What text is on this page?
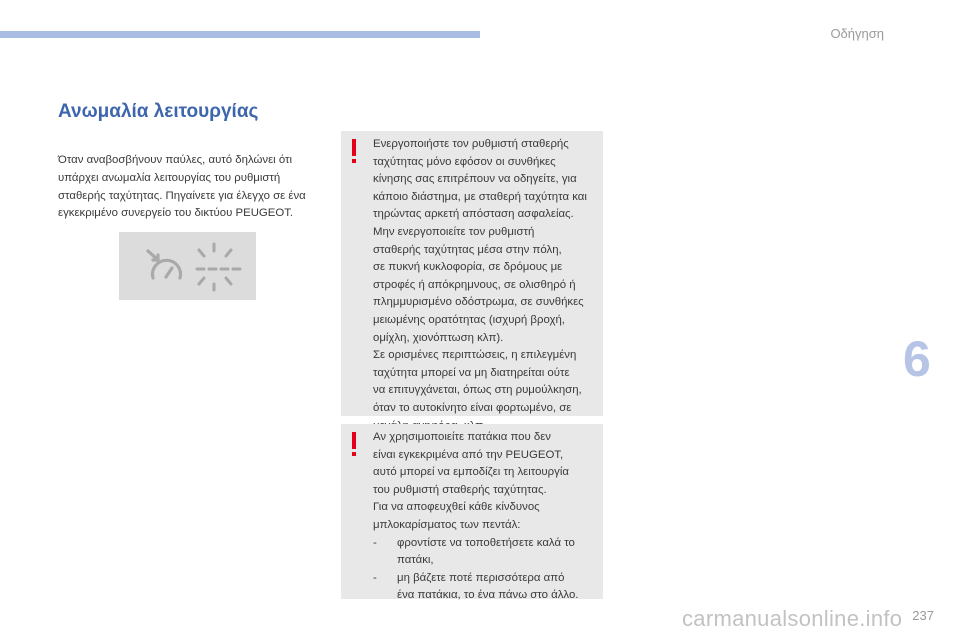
Οδήγηση
6
237
Ανωμαλία λειτουργίας

Όταν αναβοσβήνουν παύλες, αυτό δηλώνει ότι
υπάρχει ανωμαλία λειτουργίας του ρυθμιστή
σταθερής ταχύτητας. Πηγαίνετε για έλεγχο σε ένα
εγκεκριμένο συνεργείο του δικτύου PEUGEOT.

Ενεργοποιήστε τον ρυθμιστή σταθερής
ταχύτητας μόνο εφόσον οι συνθήκες
κίνησης σας επιτρέπουν να οδηγείτε, για
κάποιο διάστημα, με σταθερή ταχύτητα και
τηρώντας αρκετή απόσταση ασφαλείας.
Μην ενεργοποιείτε τον ρυθμιστή
σταθερής ταχύτητας μέσα στην πόλη,
σε πυκνή κυκλοφορία, σε δρόμους με
στροφές ή απόκρημνους, σε ολισθηρό ή
πλημμυρισμένο οδόστρωμα, σε συνθήκες
μειωμένης ορατότητας (ισχυρή βροχή,
ομίχλη, χιονόπτωση κλπ).
Σε ορισμένες περιπτώσεις, η επιλεγμένη
ταχύτητα μπορεί να μη διατηρείται ούτε
να επιτυγχάνεται, όπως στη ρυμούλκηση,
όταν το αυτοκίνητο είναι φορτωμένο, σε

Αν χρησιμοποιείτε πατάκια που δεν
είναι εγκεκριμένα από την PEUGEOT,
αυτό μπορεί να εμποδίζει τη λειτουργία
του ρυθμιστή σταθερής ταχύτητας.
Για να αποφευχθεί κάθε κίνδυνος
μπλοκαρίσματος των πεντάλ:

- φροντίστε να τοποθετήσετε καλά το
πατάκι,
- μη βάζετε ποτέ περισσότερα από
ένα πατάκια, το ένα πάνω στο άλλο.
carmanualsonline.info
